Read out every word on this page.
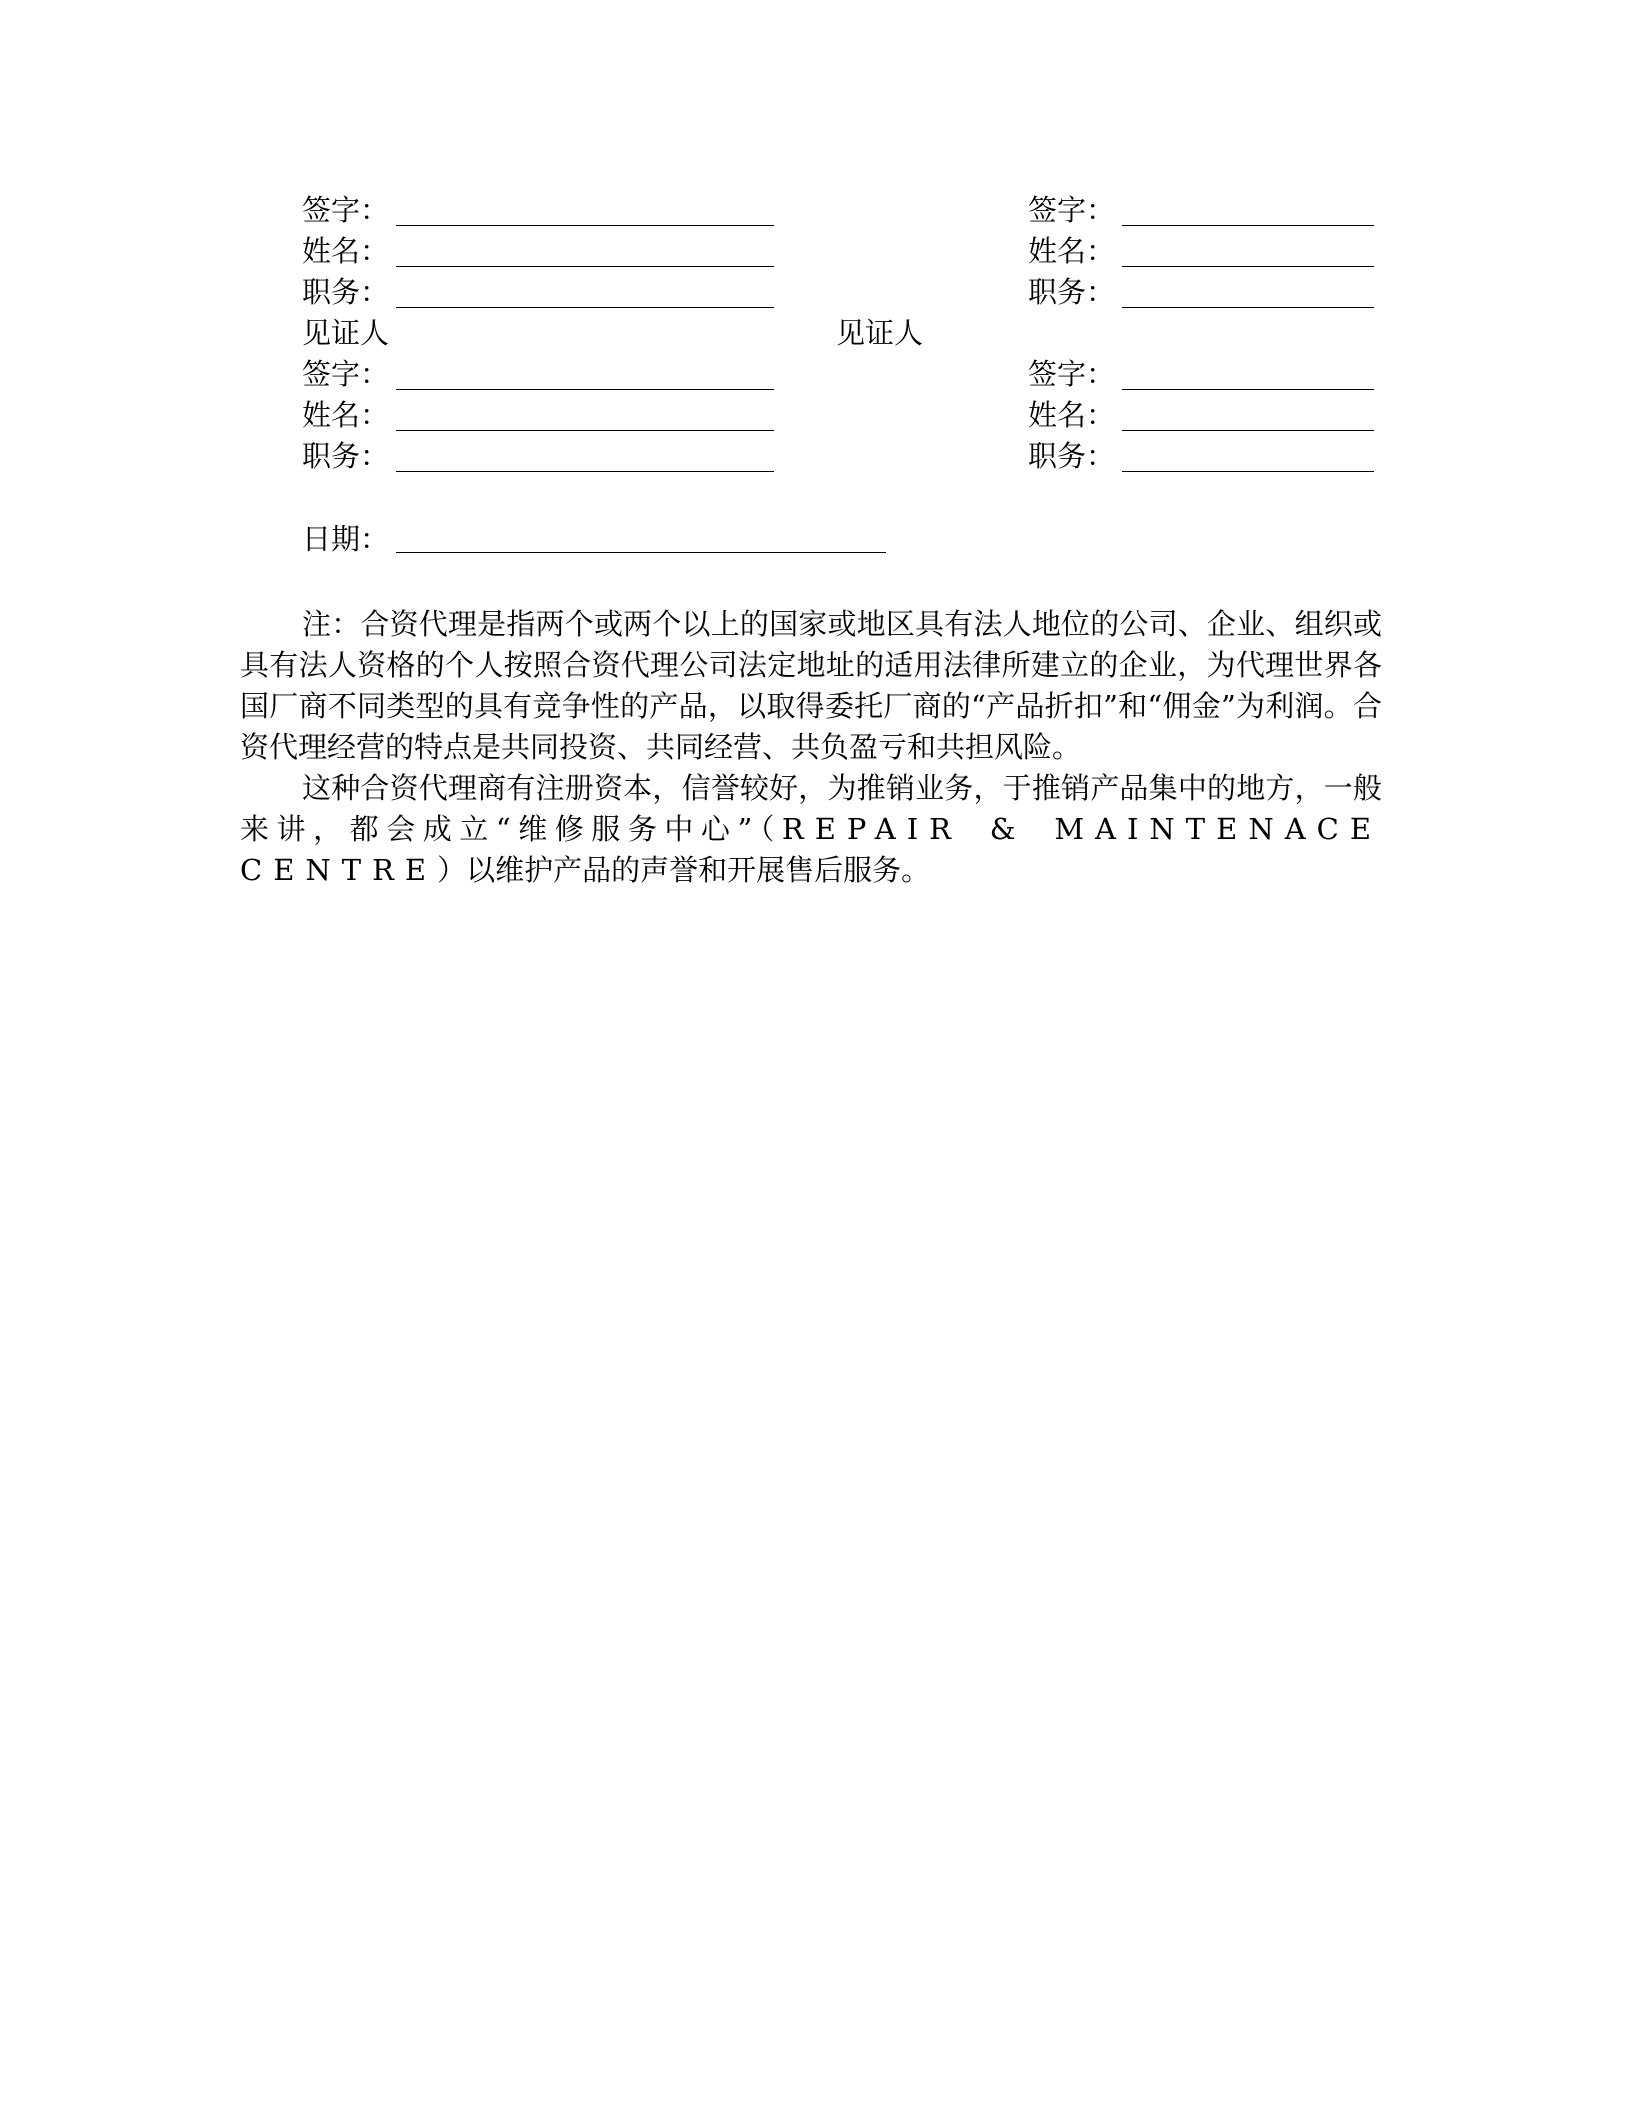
签字：
姓名：
职务：
签字：
姓名：
职务：
见证人	见证人
签字：
姓名：
职务：
签字：
姓名：
职务：
日期：

注：合资代理是指两个或两个以上的国家或地区具有法人地位的公司、企业、组织或具有法人资格的个人按照合资代理公司法定地址的适用法律所建立的企业，为代理世界各国厂商不同类型的具有竞争性的产品，以取得委托厂商的“产品折扣”和“佣金”为利润。合资代理经营的特点是共同投资、共同经营、共负盈亏和共担风险。

这种合资代理商有注册资本，信誉较好，为推销业务，于推销产品集中的地方，一般来讲，都会成立“维修服务中心”（REPAIR & MAINTENACE CENTRE）以维护产品的声誉和开展售后服务。
